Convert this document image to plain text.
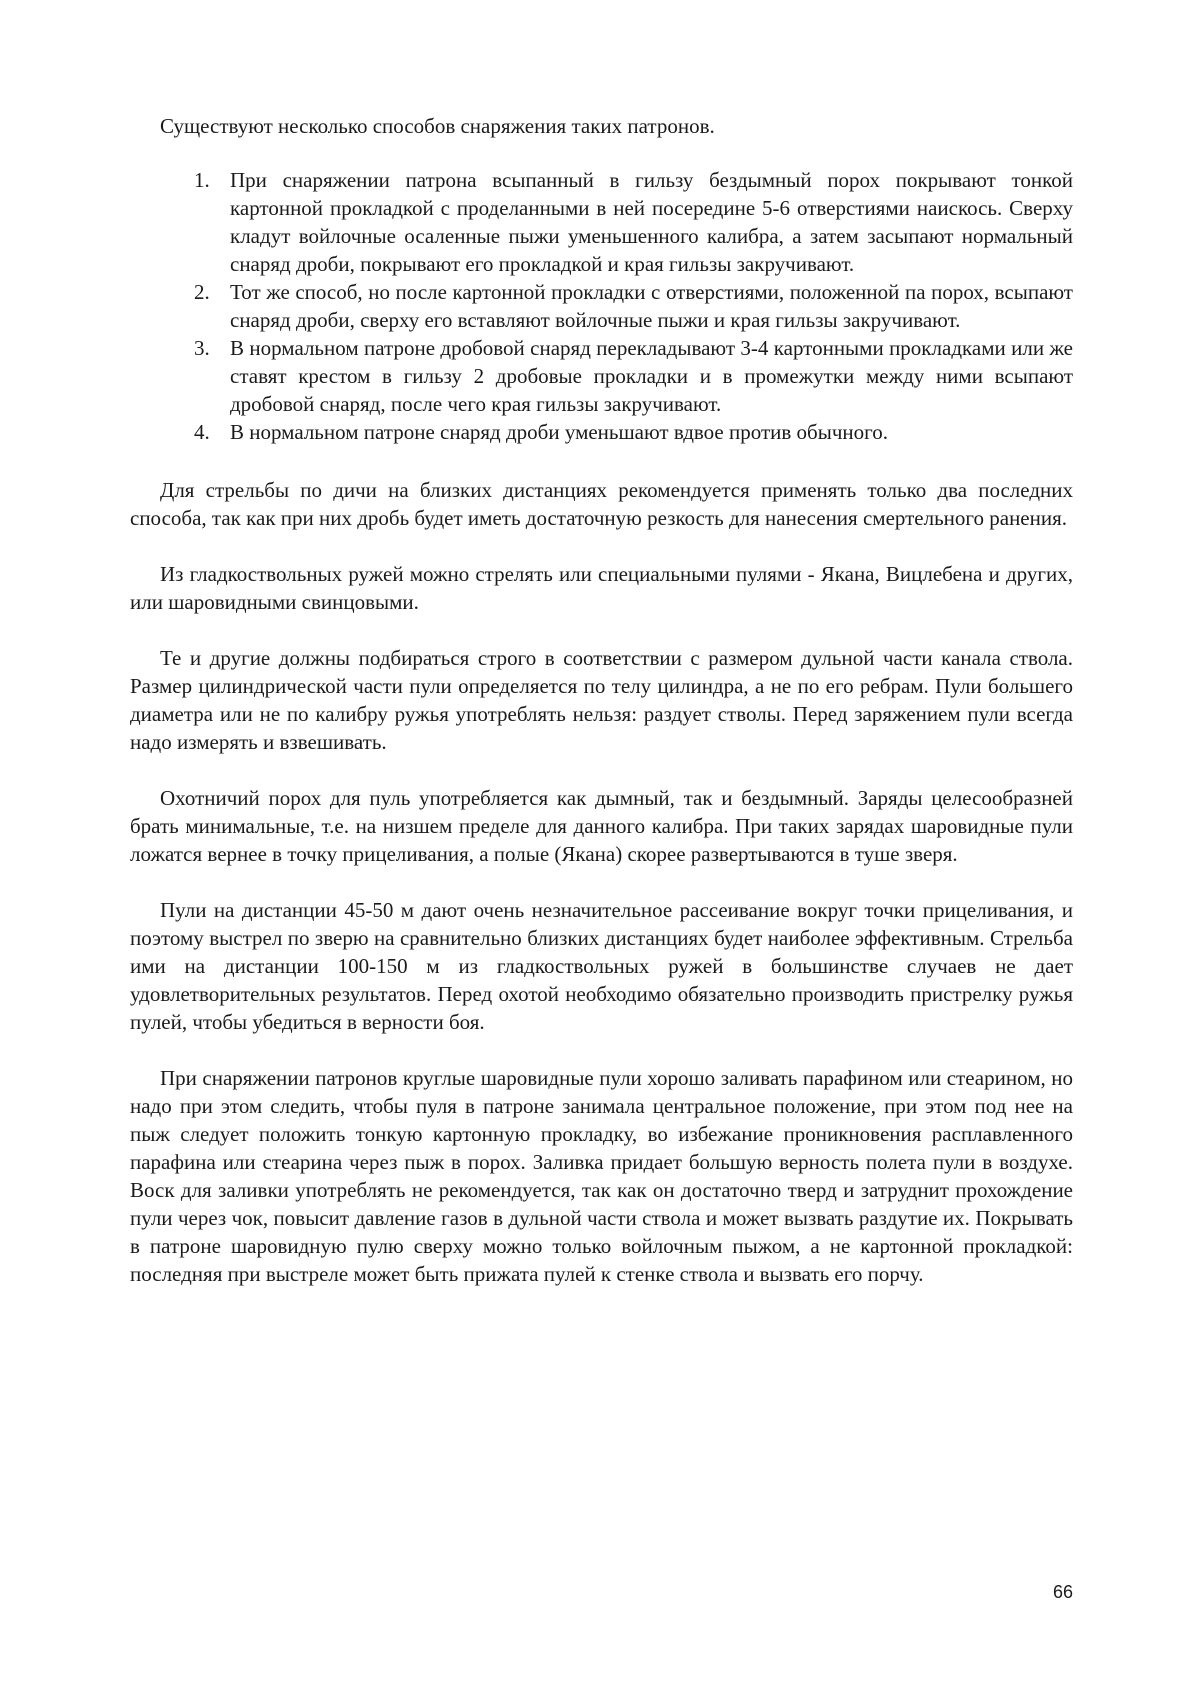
Существуют несколько способов снаряжения таких патронов.

1. При снаряжении патрона всыпанный в гильзу бездымный порох покрывают тонкой картонной прокладкой с проделанными в ней посередине 5-6 отверстиями наискось. Сверху кладут войлочные осаленные пыжи уменьшенного калибра, а затем засыпают нормальный снаряд дроби, покрывают его прокладкой и края гильзы закручивают.
2. Тот же способ, но после картонной прокладки с отверстиями, положенной па порох, всыпают снаряд дроби, сверху его вставляют войлочные пыжи и края гильзы закручивают.
3. В нормальном патроне дробовой снаряд перекладывают 3-4 картонными прокладками или же ставят крестом в гильзу 2 дробовые прокладки и в промежутки между ними всыпают дробовой снаряд, после чего края гильзы закручивают.
4. В нормальном патроне снаряд дроби уменьшают вдвое против обычного.

Для стрельбы по дичи на близких дистанциях рекомендуется применять только два последних способа, так как при них дробь будет иметь достаточную резкость для нанесения смертельного ранения.

Из гладкоствольных ружей можно стрелять или специальными пулями - Якана, Вицлебена и других, или шаровидными свинцовыми.

Те и другие должны подбираться строго в соответствии с размером дульной части канала ствола. Размер цилиндрической части пули определяется по телу цилиндра, а не по его ребрам. Пули большего диаметра или не по калибру ружья употреблять нельзя: раздует стволы. Перед заряжением пули всегда надо измерять и взвешивать.

Охотничий порох для пуль употребляется как дымный, так и бездымный. Заряды целесообразней брать минимальные, т.е. на низшем пределе для данного калибра. При таких зарядах шаровидные пули ложатся вернее в точку прицеливания, а полые (Якана) скорее развертываются в туше зверя.

Пули на дистанции 45-50 м дают очень незначительное рассеивание вокруг точки прицеливания, и поэтому выстрел по зверю на сравнительно близких дистанциях будет наиболее эффективным. Стрельба ими на дистанции 100-150 м из гладкоствольных ружей в большинстве случаев не дает удовлетворительных результатов. Перед охотой необходимо обязательно производить пристрелку ружья пулей, чтобы убедиться в верности боя.

При снаряжении патронов круглые шаровидные пули хорошо заливать парафином или стеарином, но надо при этом следить, чтобы пуля в патроне занимала центральное положение, при этом под нее на пыж следует положить тонкую картонную прокладку, во избежание проникновения расплавленного парафина или стеарина через пыж в порох. Заливка придает большую верность полета пули в воздухе. Воск для заливки употреблять не рекомендуется, так как он достаточно тверд и затруднит прохождение пули через чок, повысит давление газов в дульной части ствола и может вызвать раздутие их. Покрывать в патроне шаровидную пулю сверху можно только войлочным пыжом, а не картонной прокладкой: последняя при выстреле может быть прижата пулей к стенке ствола и вызвать его порчу.

66
